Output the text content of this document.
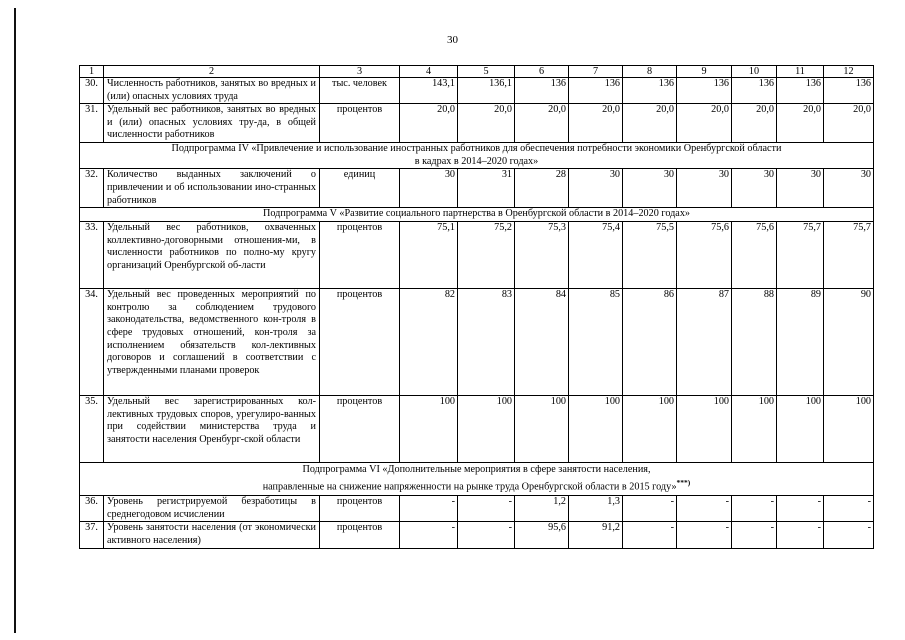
30
1	2	3	4	5	6	7	8	9	10	11	12
30.	Численность работников, занятых во вредных и (или) опасных условиях труда	тыс. человек	143,1	136,1	136	136	136	136	136	136	136
31.	Удельный вес работников, занятых во вредных и (или) опасных условиях тру-да, в общей численности работников	процентов	20,0	20,0	20,0	20,0	20,0	20,0	20,0	20,0	20,0
Подпрограмма IV «Привлечение и использование иностранных работников для обеспечения потребности экономики Оренбургской области
в кадрах в 2014–2020 годах»											
32.	Количество выданных заключений о привлечении и об использовании ино-странных работников	единиц	30	31	28	30	30	30	30	30	30
Подпрограмма V «Развитие социального партнерства в Оренбургской области в 2014–2020 годах»											
33.	Удельный вес работников, охваченных коллективно-договорными отношения-ми, в численности работников по полно-му кругу организаций Оренбургской об-ласти	процентов	75,1	75,2	75,3	75,4	75,5	75,6	75,6	75,7	75,7
34.	Удельный вес проведенных мероприятий по контролю за соблюдением трудового законодательства, ведомственного кон-троля в сфере трудовых отношений, кон-троля за исполнением обязательств кол-лективных договоров и соглашений в соответствии с утвержденными планами проверок	процентов	82	83	84	85	86	87	88	89	90
35.	Удельный вес зарегистрированных кол-лективных трудовых споров, урегулиро-ванных при содействии министерства труда и занятости населения Оренбург-ской области	процентов	100	100	100	100	100	100	100	100	100
Подпрограмма VI «Дополнительные мероприятия в сфере занятости населения,
направленные на снижение напряженности на рынке труда Оренбургской области в 2015 году»***)
36.	Уровень регистрируемой безработицы в среднегодовом исчислении	процентов	-	-	1,2	1,3	-	-	-	-	-
37.	Уровень занятости населения (от экономически активного населения)	процентов	-	-	95,6	91,2	-	-	-	-	-
